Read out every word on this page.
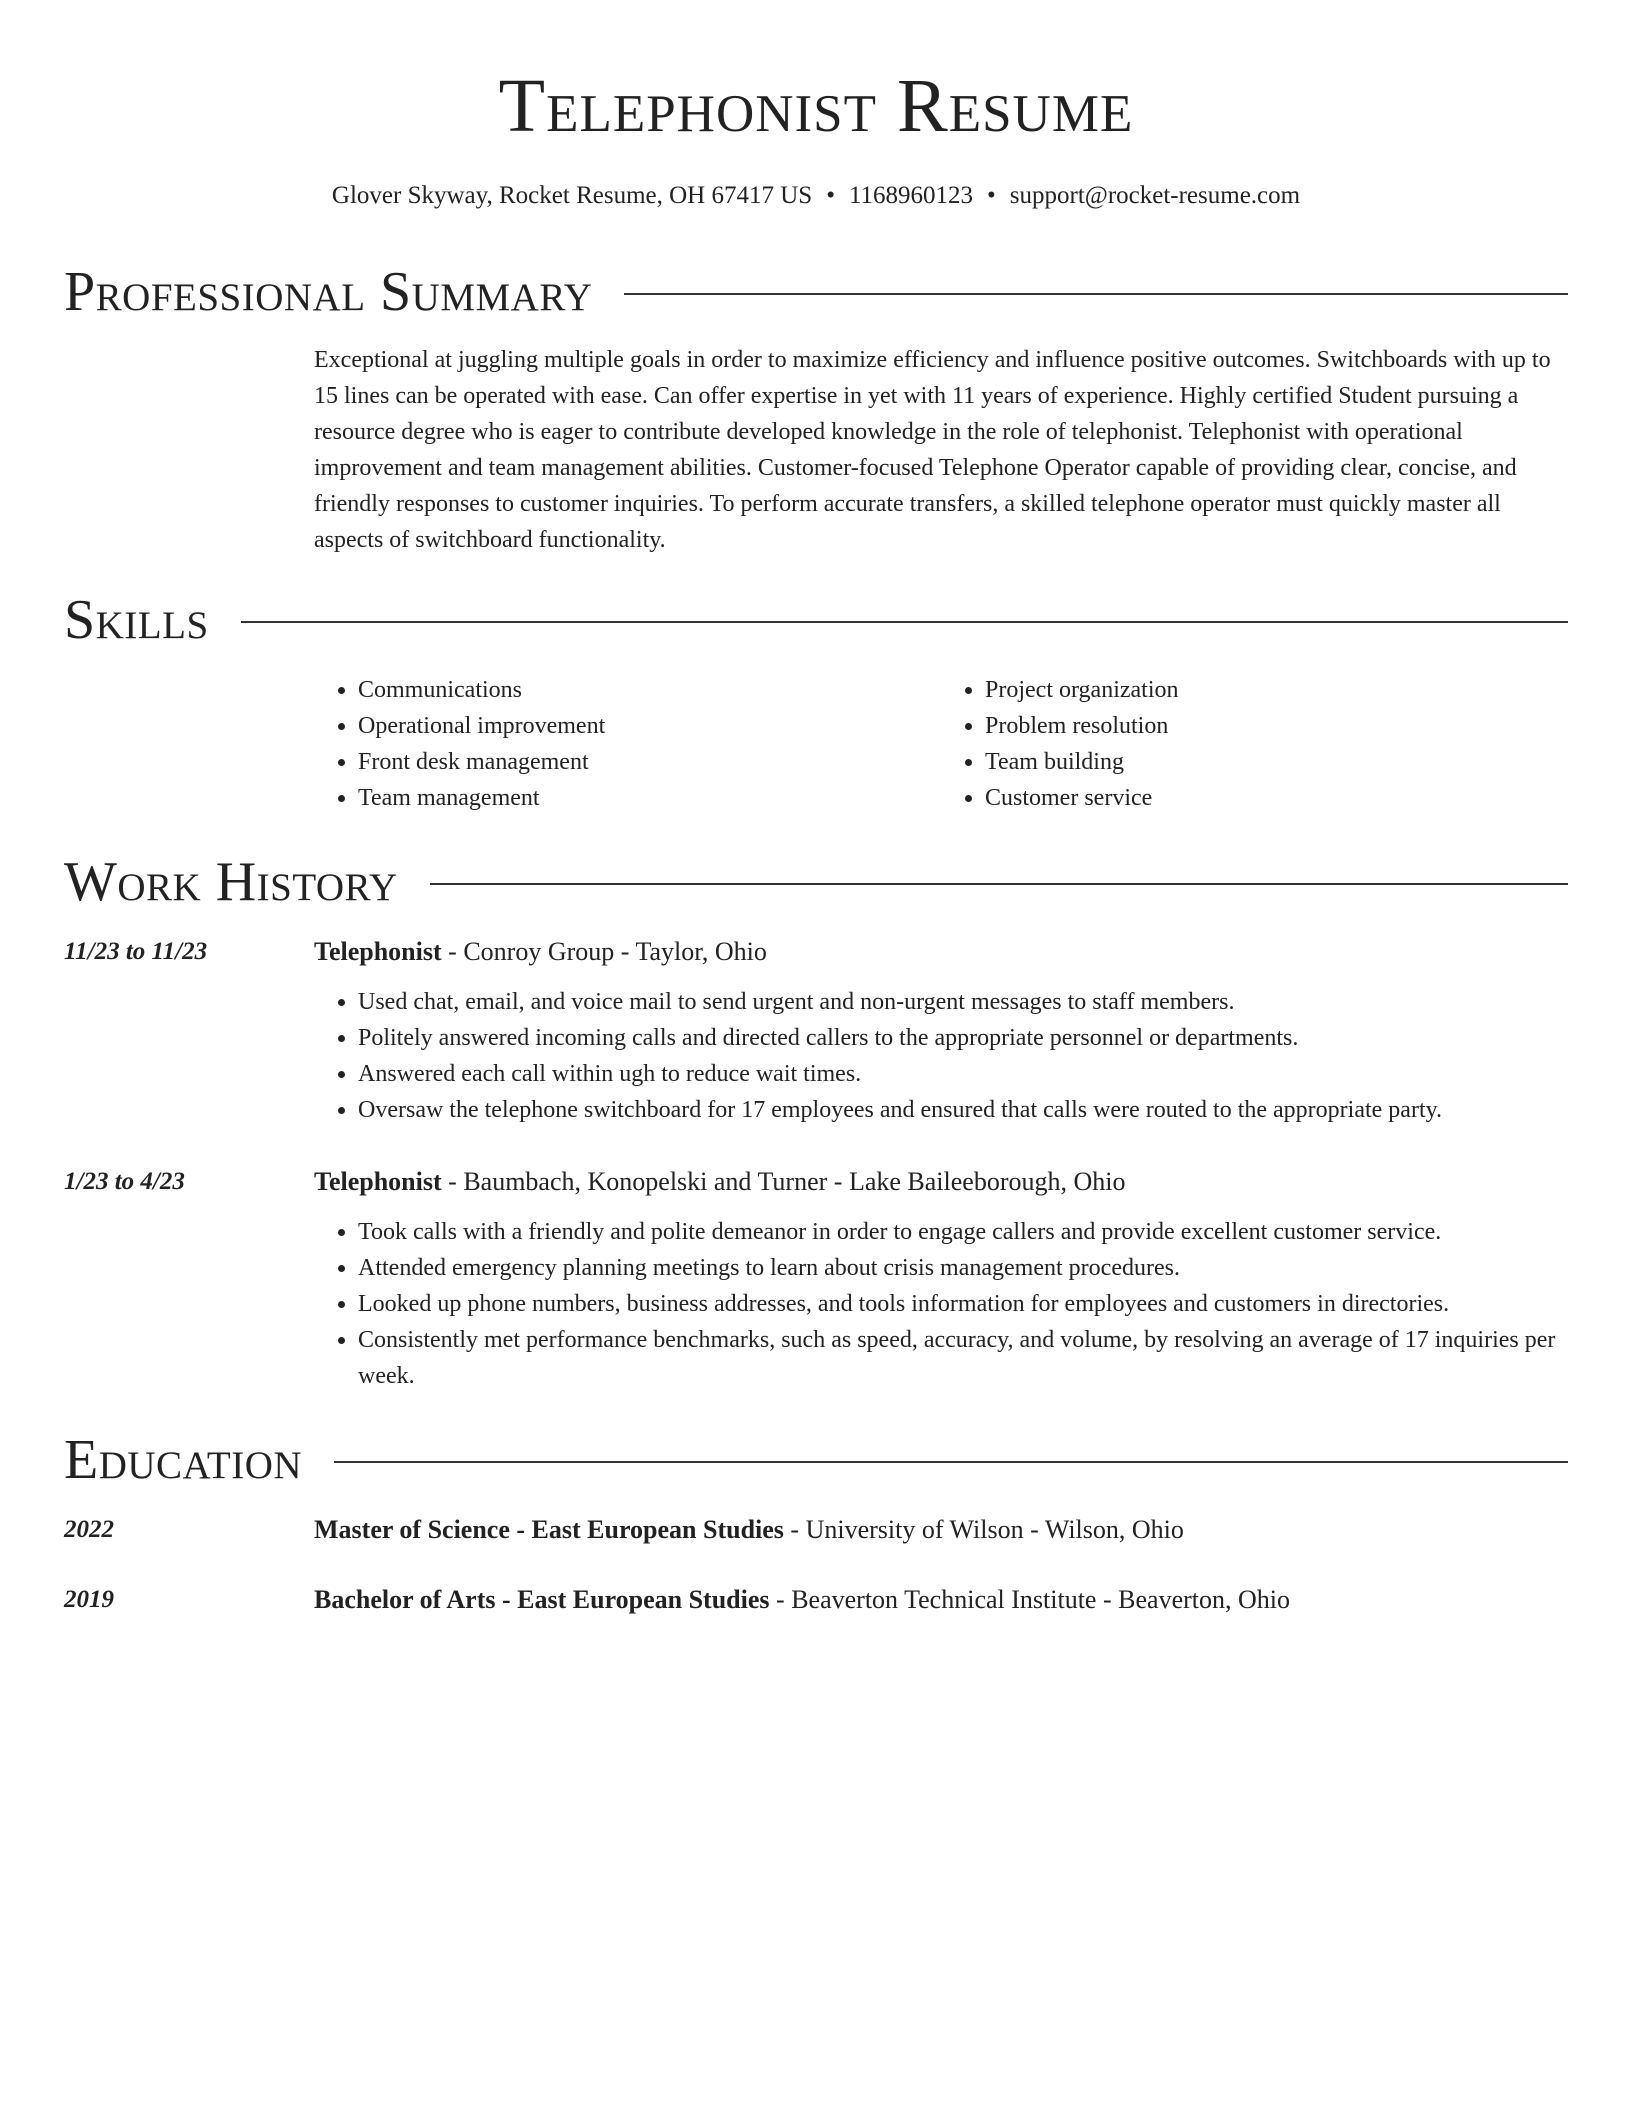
Telephonist Resume
Glover Skyway, Rocket Resume, OH 67417 US • 1168960123 • support@rocket-resume.com
Professional Summary

Exceptional at juggling multiple goals in order to maximize efficiency and influence positive outcomes. Switchboards with up to 15 lines can be operated with ease. Can offer expertise in yet with 11 years of experience. Highly certified Student pursuing a resource degree who is eager to contribute developed knowledge in the role of telephonist. Telephonist with operational improvement and team management abilities. Customer-focused Telephone Operator capable of providing clear, concise, and friendly responses to customer inquiries. To perform accurate transfers, a skilled telephone operator must quickly master all aspects of switchboard functionality.

Skills
• Communications
• Operational improvement
• Front desk management
• Team management
• Project organization
• Problem resolution
• Team building
• Customer service
Work History
11/23 to 11/23	Telephonist - Conroy Group - Taylor, Ohio
• Used chat, email, and voice mail to send urgent and non-urgent messages to staff members.
• Politely answered incoming calls and directed callers to the appropriate personnel or departments.
• Answered each call within ugh to reduce wait times.
• Oversaw the telephone switchboard for 17 employees and ensured that calls were routed to the appropriate party.
1/23 to 4/23	Telephonist - Baumbach, Konopelski and Turner - Lake Baileeborough, Ohio
• Took calls with a friendly and polite demeanor in order to engage callers and provide excellent customer service.
• Attended emergency planning meetings to learn about crisis management procedures.
• Looked up phone numbers, business addresses, and tools information for employees and customers in directories.
• Consistently met performance benchmarks, such as speed, accuracy, and volume, by resolving an average of 17 inquiries per week.
Education
2022	Master of Science - East European Studies - University of Wilson - Wilson, Ohio
2019	Bachelor of Arts - East European Studies - Beaverton Technical Institute - Beaverton, Ohio
